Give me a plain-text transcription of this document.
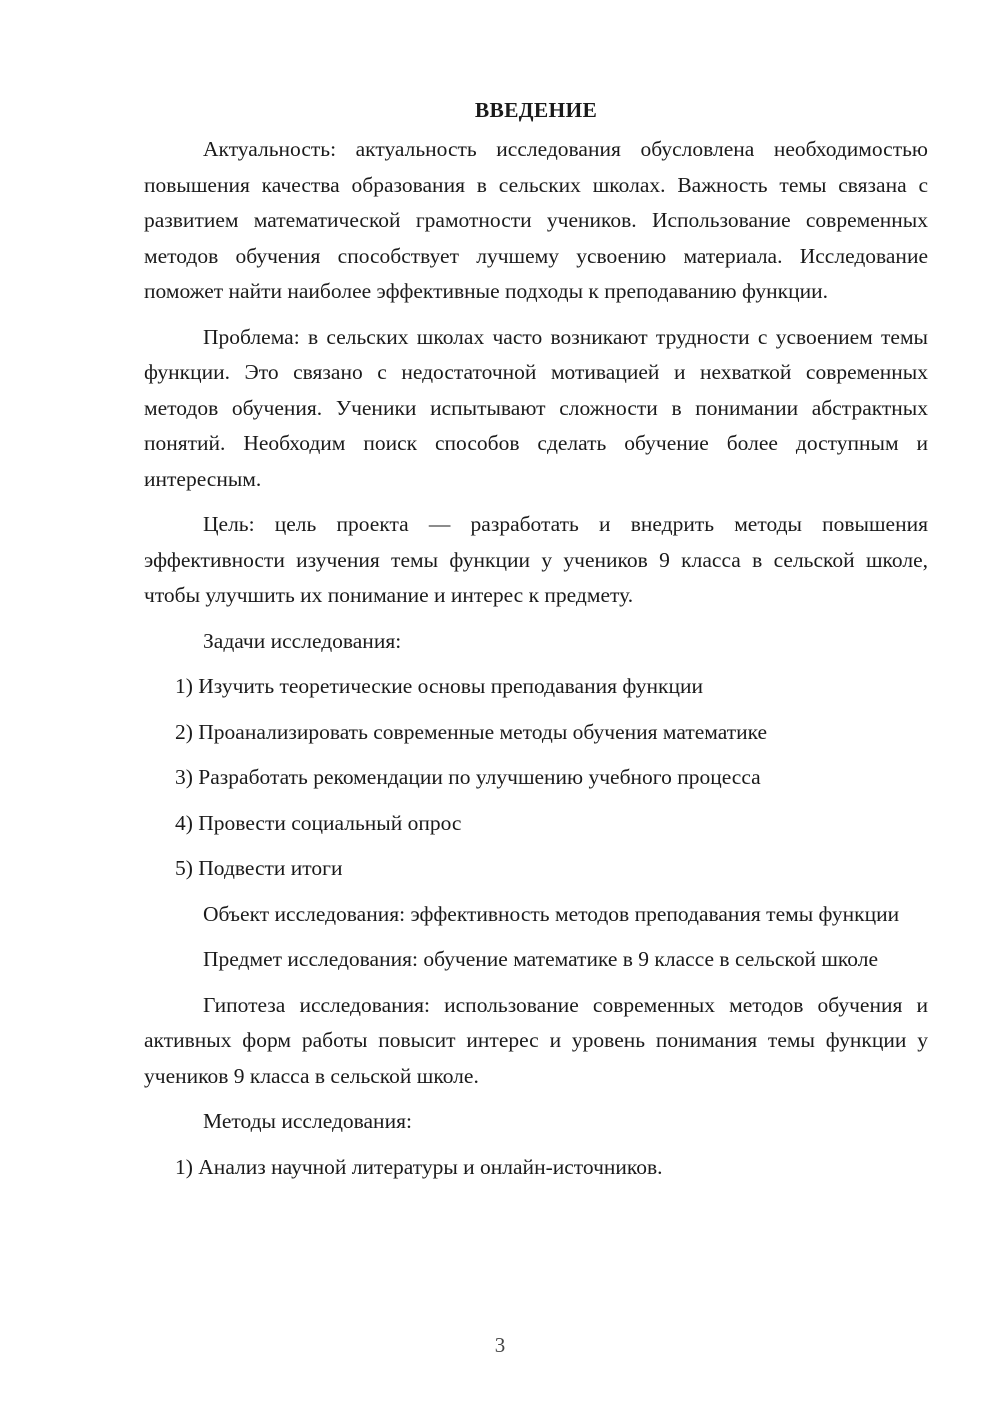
ВВЕДЕНИЕ

Актуальность: актуальность исследования обусловлена необходимостью повышения качества образования в сельских школах. Важность темы связана с развитием математической грамотности учеников. Использование современных методов обучения способствует лучшему усвоению материала. Исследование поможет найти наиболее эффективные подходы к преподаванию функции.

Проблема: в сельских школах часто возникают трудности с усвоением темы функции. Это связано с недостаточной мотивацией и нехваткой современных методов обучения. Ученики испытывают сложности в понимании абстрактных понятий. Необходим поиск способов сделать обучение более доступным и интересным.

Цель: цель проекта — разработать и внедрить методы повышения эффективности изучения темы функции у учеников 9 класса в сельской школе, чтобы улучшить их понимание и интерес к предмету.

Задачи исследования:

1) Изучить теоретические основы преподавания функции
2) Проанализировать современные методы обучения математике
3) Разработать рекомендации по улучшению учебного процесса
4) Провести социальный опрос
5) Подвести итоги

Объект исследования: эффективность методов преподавания темы функции

Предмет исследования: обучение математике в 9 классе в сельской школе

Гипотеза исследования: использование современных методов обучения и активных форм работы повысит интерес и уровень понимания темы функции у учеников 9 класса в сельской школе.

Методы исследования:

1) Анализ научной литературы и онлайн-источников.
3
